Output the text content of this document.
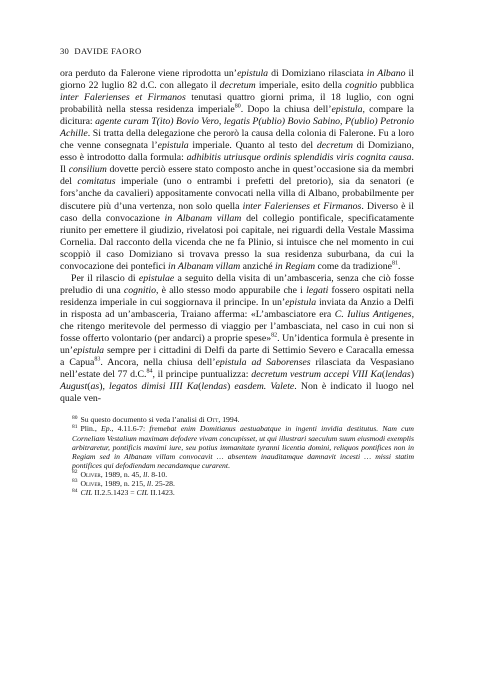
30 DAVIDE FAORO

ora perduto da Falerone viene riprodotta un’epistula di Domiziano rilasciata in Albano il giorno 22 luglio 82 d.C. con allegato il decretum imperiale, esito della cognitio pubblica inter Falerienses et Firmanos tenutasi quattro giorni prima, il 18 luglio, con ogni probabilità nella stessa residenza imperiale$^{80}$. Dopo la chiusa dell’epistula, compare la dicitura: agente curam T(ito) Bovio Vero, legatis P(ublio) Bovio Sabino, P(ublio) Petronio Achille. Si tratta della delegazione che perorò la causa della colonia di Falerone. Fu a loro che venne consegnata l’epistula imperiale. Quanto al testo del decretum di Domiziano, esso è introdotto dalla formula: adhibitis utriusque ordinis splendidis viris cognita causa. Il consilium dovette perciò essere stato composto anche in quest’occasione sia da membri del comitatus imperiale (uno o entrambi i prefetti del pretorio), sia da senatori (e fors’anche da cavalieri) appositamente convocati nella villa di Albano, probabilmente per discutere più d’una vertenza, non solo quella inter Falerienses et Firmanos. Diverso è il caso della convocazione in Albanam villam del collegio pontificale, specificatamente riunito per emettere il giudizio, rivelatosi poi capitale, nei riguardi della Vestale Massima Cornelia. Dal racconto della vicenda che ne fa Plinio, si intuisce che nel momento in cui scoppiò il caso Domiziano si trovava presso la sua residenza suburbana, da cui la convocazione dei pontefici in Albanam villam anziché in Regiam come da tradizione$^{81}$.

Per il rilascio di epistulae a seguito della visita di un’ambasceria, senza che ciò fosse preludio di una cognitio, è allo stesso modo appurabile che i legati fossero ospitati nella residenza imperiale in cui soggiornava il principe. In un’epistula inviata da Anzio a Delfi in risposta ad un’ambasceria, Traiano afferma: «L’ambasciatore era C. Iulius Antigenes, che ritengo meritevole del permesso di viaggio per l’ambasciata, nel caso in cui non si fosse offerto volontario (per andarci) a proprie spese»$^{82}$. Un’identica formula è presente in un’epistula sempre per i cittadini di Delfi da parte di Settimio Severo e Caracalla emessa a Capua$^{83}$. Ancora, nella chiusa dell’epistula ad Saborenses rilasciata da Vespasiano nell’estate del 77 d.C.$^{84}$, il principe puntualizza: decretum vestrum accepi VIII Ka(lendas) August(as), legatos dimisi IIII Ka(lendas) easdem. Valete. Non è indicato il luogo nel quale ven-

$^{80}$ Su questo documento si veda l’analisi di Ott, 1994.

$^{81}$ Plin., Ep., 4.11.6-7: fremebat enim Domitianus aestuabatque in ingenti invidia destitutus. Nam cum Corneliam Vestalium maximam defodere vivam concupisset, ut qui illustrari saeculum suum eiusmodi exemplis arbitraretur, pontificis maximi iure, seu potius immanitate tyranni licentia domini, reliquos pontifices non in Regiam sed in Albanam villam convocavit … absentem inauditamque damnavit incesti … missi statim pontifices qui defodiendam necandamque curarent.

$^{82}$ Oliver, 1989, n. 45, ll. 8-10.

$^{83}$ Oliver, 1989, n. 215, ll. 25-28.

$^{84}$ CIL II.2.5.1423 = CIL II.1423.
